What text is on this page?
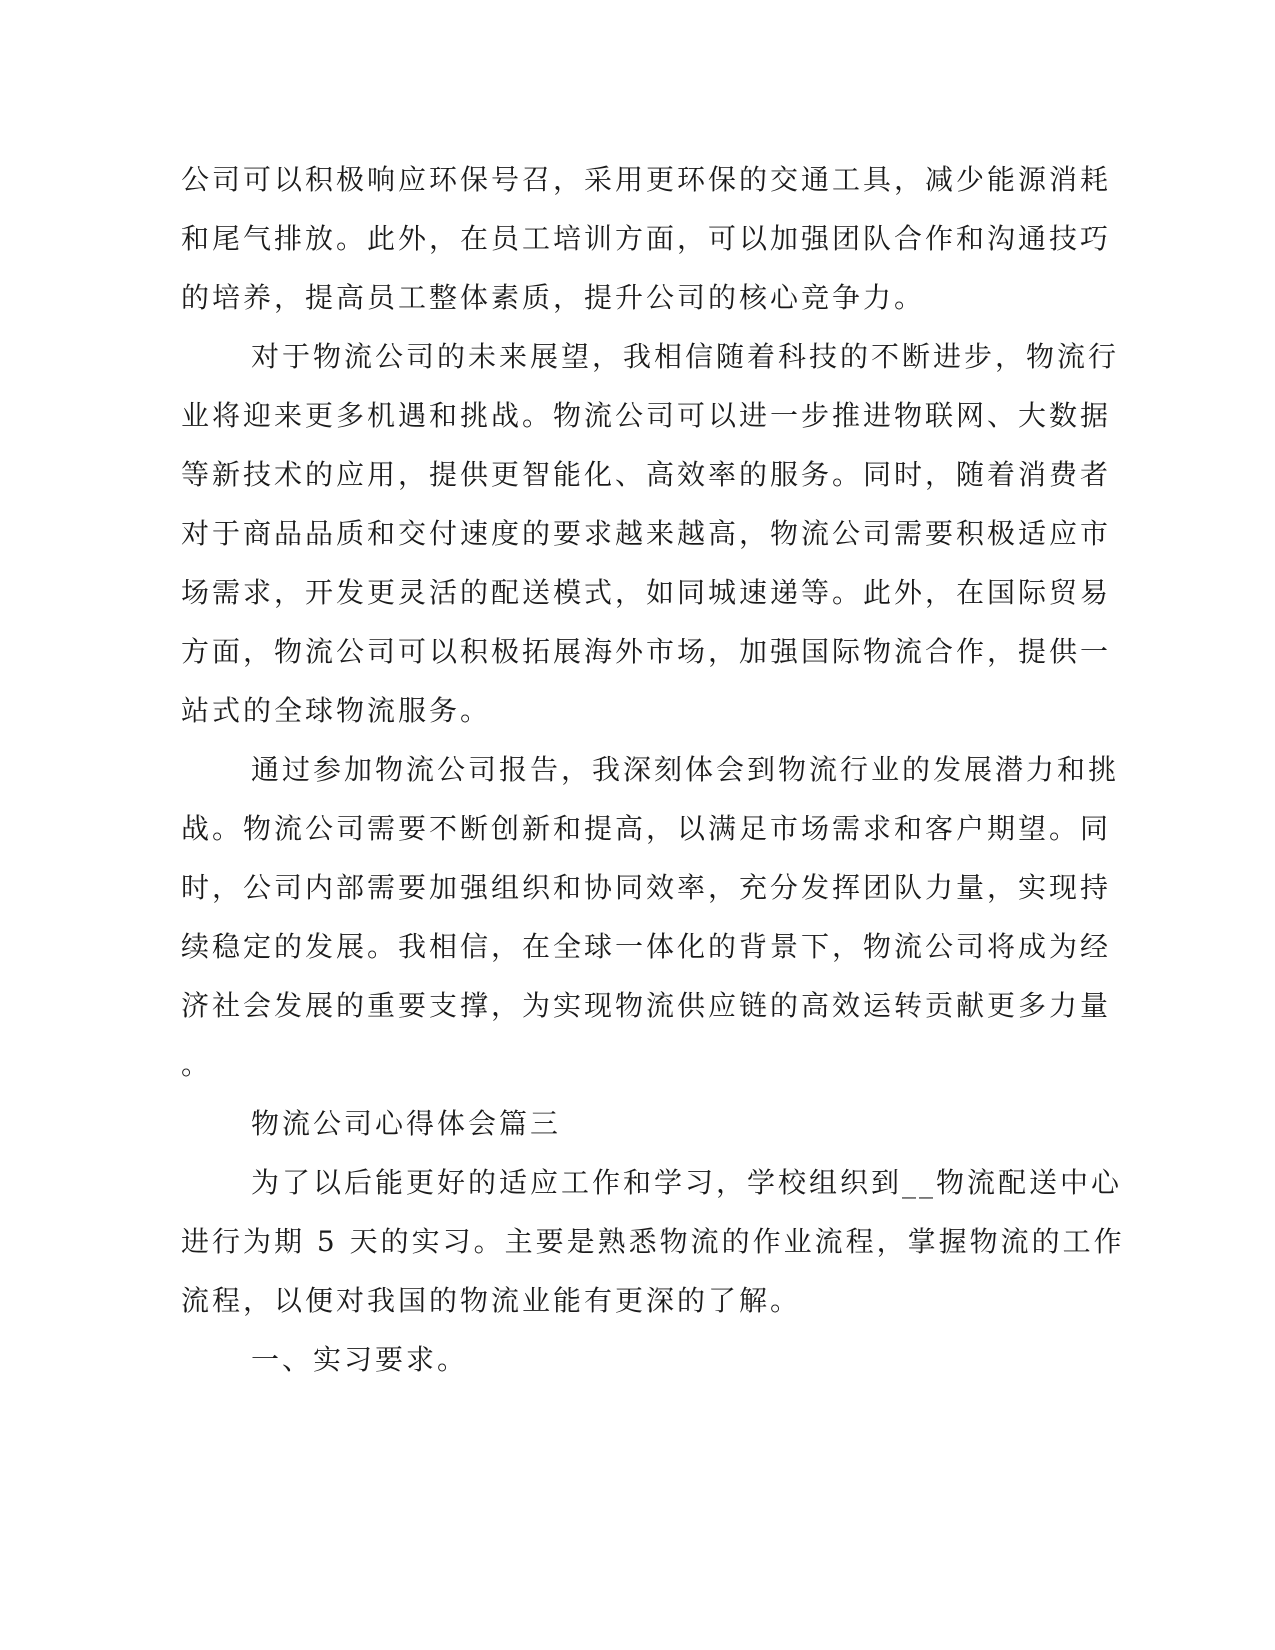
公司可以积极响应环保号召，采用更环保的交通工具，减少能源消耗
和尾气排放。此外，在员工培训方面，可以加强团队合作和沟通技巧
的培养，提高员工整体素质，提升公司的核心竞争力。
对于物流公司的未来展望，我相信随着科技的不断进步，物流行
业将迎来更多机遇和挑战。物流公司可以进一步推进物联网、大数据
等新技术的应用，提供更智能化、高效率的服务。同时，随着消费者
对于商品品质和交付速度的要求越来越高，物流公司需要积极适应市
场需求，开发更灵活的配送模式，如同城速递等。此外，在国际贸易
方面，物流公司可以积极拓展海外市场，加强国际物流合作，提供一
站式的全球物流服务。
通过参加物流公司报告，我深刻体会到物流行业的发展潜力和挑
战。物流公司需要不断创新和提高，以满足市场需求和客户期望。同
时，公司内部需要加强组织和协同效率，充分发挥团队力量，实现持
续稳定的发展。我相信，在全球一体化的背景下，物流公司将成为经
济社会发展的重要支撑，为实现物流供应链的高效运转贡献更多力量
。
物流公司心得体会篇三
为了以后能更好的适应工作和学习，学校组织到__物流配送中心
进行为期 5 天的实习。主要是熟悉物流的作业流程，掌握物流的工作
流程，以便对我国的物流业能有更深的了解。
一、实习要求。
